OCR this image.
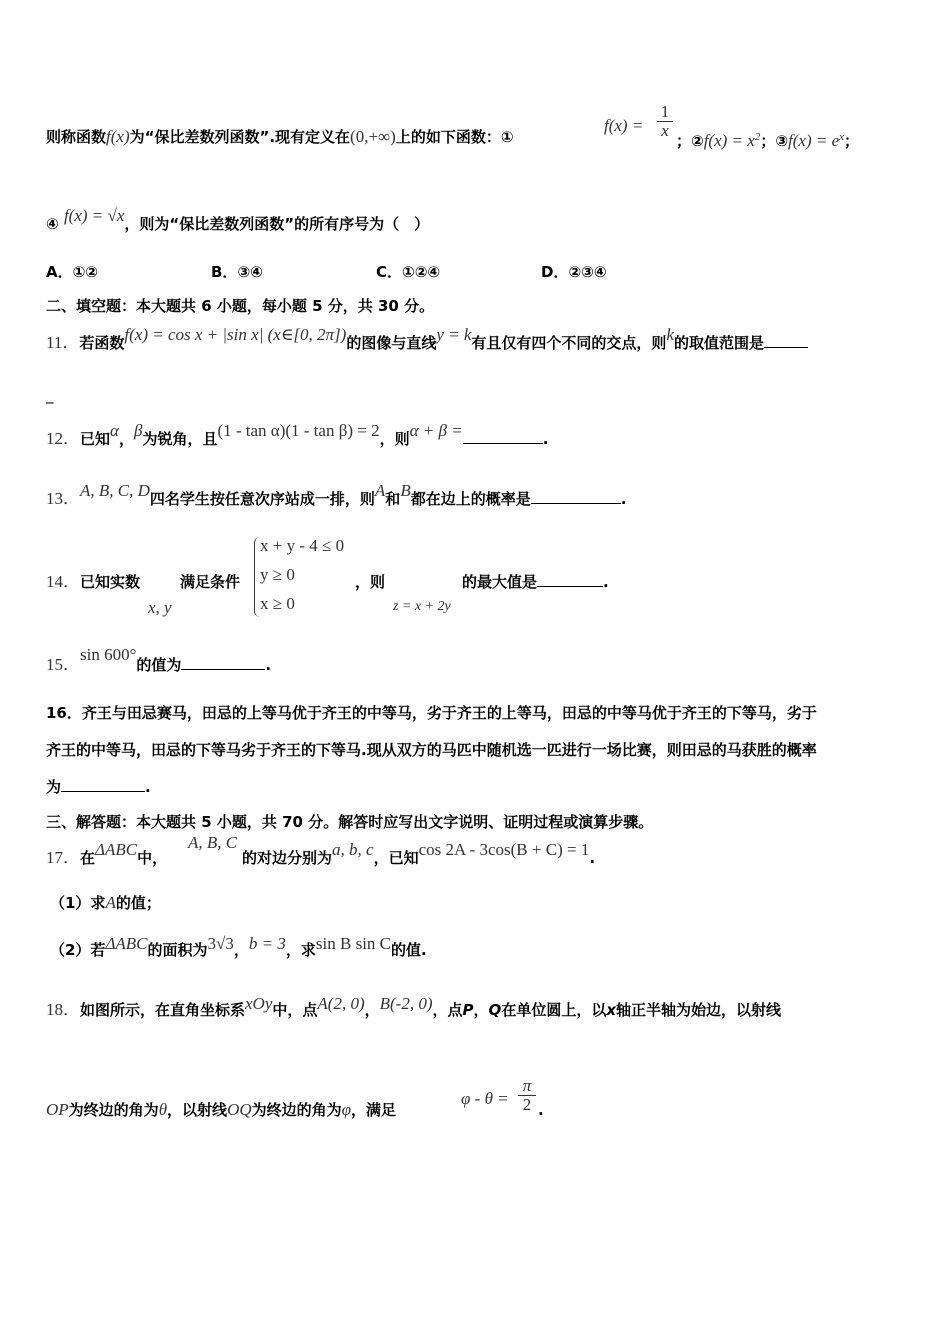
则称函数f(x)为“保比差数列函数”.现有定义在(0,+∞)上的如下函数：①
f(x) =
1
x
；②f(x) = $x^2$；③f(x) = $e^x$；
④ f(x) = √x，则为“保比差数列函数”的所有序号为（　）
A．①②	B．③④	C．①②④	D．②③④
二、填空题：本大题共 6 小题，每小题 5 分，共 30 分。
11．若函数f(x) = cos x + |sin x| (x∈[0, 2π])的图像与直线y = k有且仅有四个不同的交点，则k的取值范围是
_
12．已知α，β为锐角，且(1 - tan α)(1 - tan β) = 2，则α + β =	.
13．A, B, C, D四名学生按任意次序站成一排，则A和B都在边上的概率是	.
14．已知实数
x, y
满足条件
x + y - 4 ≤ 0
y ≥ 0
x ≥ 0
，则
z = x + 2y
的最大值是	.
15．sin 600°的值为	.
16．齐王与田忌赛马，田忌的上等马优于齐王的中等马，劣于齐王的上等马，田忌的中等马优于齐王的下等马，劣于
齐王的中等马，田忌的下等马劣于齐王的下等马.现从双方的马匹中随机选一匹进行一场比赛，则田忌的马获胜的概率
为	.
三、解答题：本大题共 5 小题，共 70 分。解答时应写出文字说明、证明过程或演算步骤。
17．在ΔABC中，
A, B, C
的对边分别为a, b, c，已知cos 2A - 3cos(B + C) = 1.
（1）求A的值；
（2）若ΔABC的面积为3√3，b = 3，求sin B sin C的值.
18．如图所示，在直角坐标系xOy中，点A(2, 0)，B(-2, 0)，点P，Q在单位圆上，以x轴正半轴为始边，以射线
OP为终边的角为θ，以射线OQ为终边的角为φ，满足
φ - θ =
π
2 .
